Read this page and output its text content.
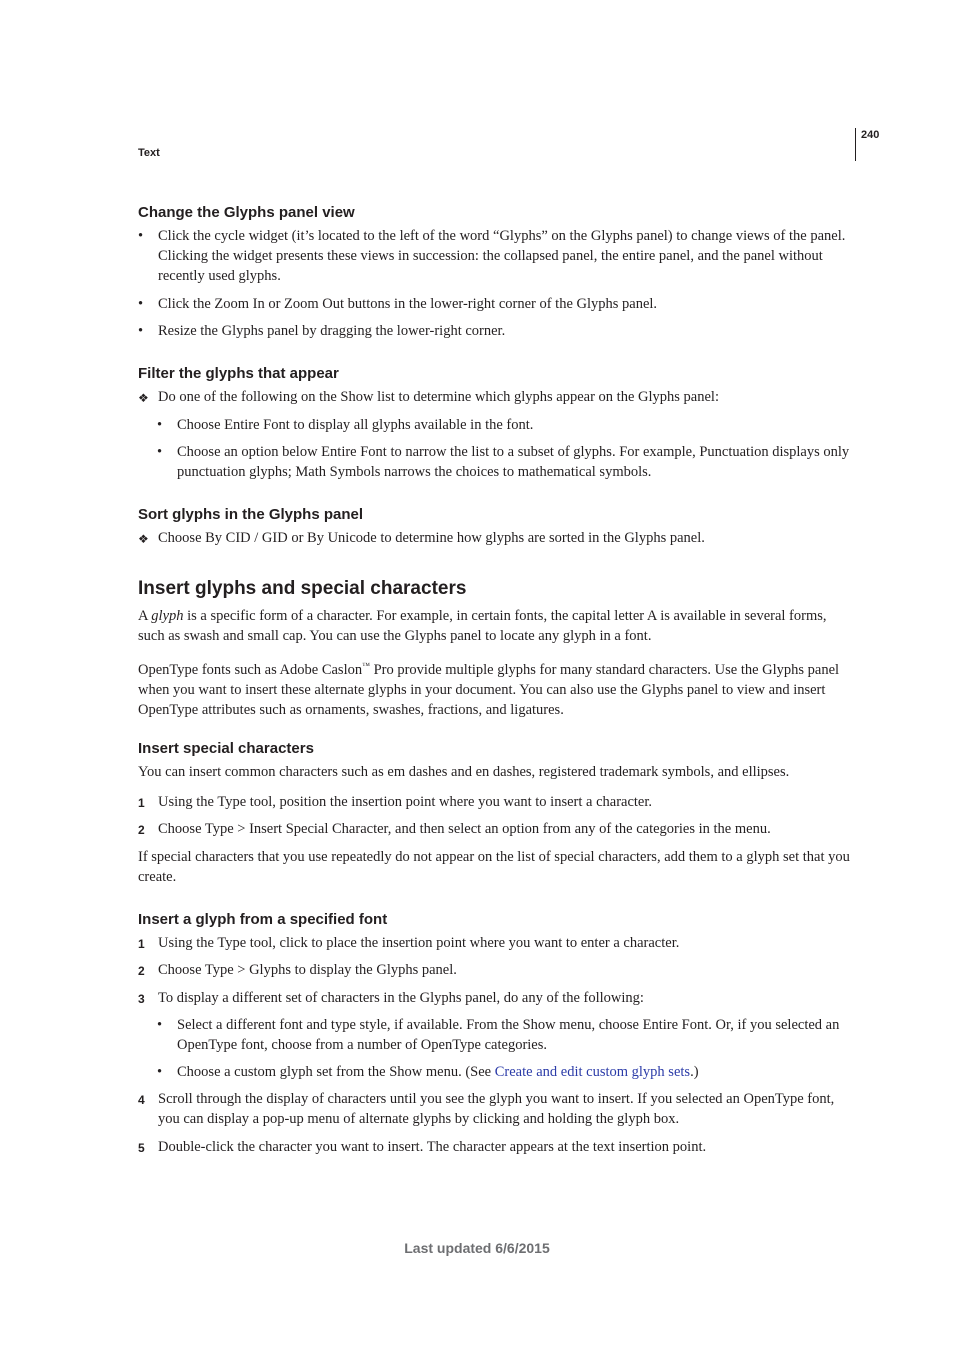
Text
240
Change the Glyphs panel view
• Click the cycle widget (it’s located to the left of the word “Glyphs” on the Glyphs panel) to change views of the panel. Clicking the widget presents these views in succession: the collapsed panel, the entire panel, and the panel without recently used glyphs.
• Click the Zoom In or Zoom Out buttons in the lower-right corner of the Glyphs panel.
• Resize the Glyphs panel by dragging the lower-right corner.
Filter the glyphs that appear
❖ Do one of the following on the Show list to determine which glyphs appear on the Glyphs panel:
• Choose Entire Font to display all glyphs available in the font.
• Choose an option below Entire Font to narrow the list to a subset of glyphs. For example, Punctuation displays only punctuation glyphs; Math Symbols narrows the choices to mathematical symbols.
Sort glyphs in the Glyphs panel
❖ Choose By CID / GID or By Unicode to determine how glyphs are sorted in the Glyphs panel.
Insert glyphs and special characters
A glyph is a specific form of a character. For example, in certain fonts, the capital letter A is available in several forms, such as swash and small cap. You can use the Glyphs panel to locate any glyph in a font.
OpenType fonts such as Adobe Caslon™ Pro provide multiple glyphs for many standard characters. Use the Glyphs panel when you want to insert these alternate glyphs in your document. You can also use the Glyphs panel to view and insert OpenType attributes such as ornaments, swashes, fractions, and ligatures.
Insert special characters
You can insert common characters such as em dashes and en dashes, registered trademark symbols, and ellipses.
1 Using the Type tool, position the insertion point where you want to insert a character.
2 Choose Type > Insert Special Character, and then select an option from any of the categories in the menu.
If special characters that you use repeatedly do not appear on the list of special characters, add them to a glyph set that you create.
Insert a glyph from a specified font
1 Using the Type tool, click to place the insertion point where you want to enter a character.
2 Choose Type > Glyphs to display the Glyphs panel.
3 To display a different set of characters in the Glyphs panel, do any of the following:
• Select a different font and type style, if available. From the Show menu, choose Entire Font. Or, if you selected an OpenType font, choose from a number of OpenType categories.
• Choose a custom glyph set from the Show menu. (See Create and edit custom glyph sets.)
4 Scroll through the display of characters until you see the glyph you want to insert. If you selected an OpenType font, you can display a pop-up menu of alternate glyphs by clicking and holding the glyph box.
5 Double-click the character you want to insert. The character appears at the text insertion point.
Last updated 6/6/2015
